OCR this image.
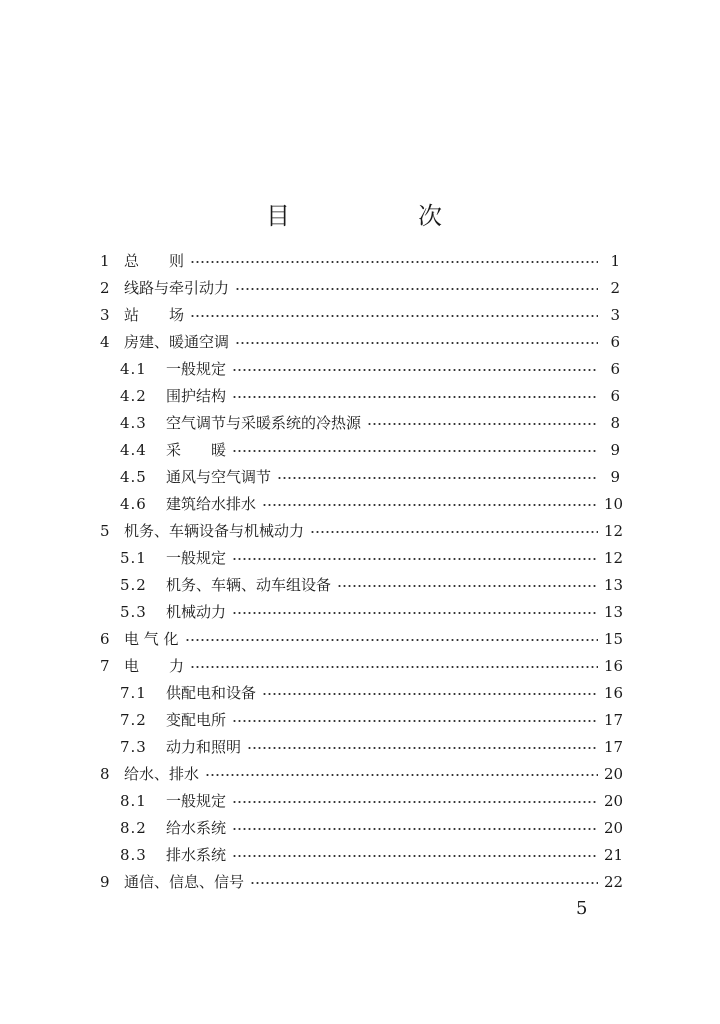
目　次
1 总　　则	1
2 线路与牵引动力	2
3 站　　场	3
4 房建、暖通空调	6
4.1	一般规定	6
4.2	围护结构	6
4.3	空气调节与采暖系统的冷热源	8
4.4	采　　暖	9
4.5	通风与空气调节	9
4.6	建筑给水排水	10
5 机务、车辆设备与机械动力	12
5.1	一般规定	12
5.2	机务、车辆、动车组设备	13
5.3	机械动力	13
6 电 气 化	15
7 电　　力	16
7.1	供配电和设备	16
7.2	变配电所	17
7.3	动力和照明	17
8 给水、排水	20
8.1	一般规定	20
8.2	给水系统	20
8.3	排水系统	21
9 通信、信息、信号	22
5
